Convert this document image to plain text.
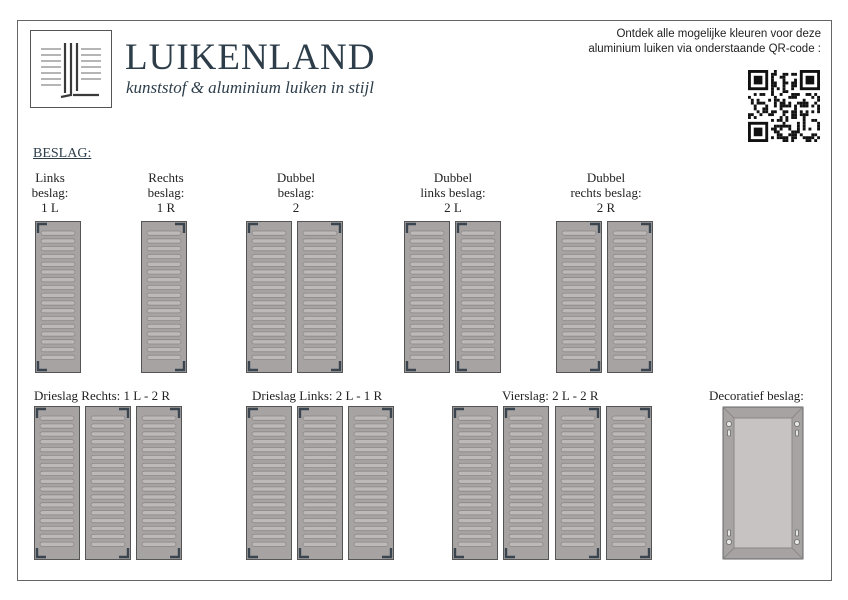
LUIKENLAND
kunststof & aluminium luiken in stijl
Ontdek alle mogelijke kleuren voor deze
aluminium luiken via onderstaande QR-code :
BESLAG:
Links
beslag:
1 L
Rechts
beslag:
1 R
Dubbel
beslag:
2
Dubbel
links beslag:
2 L
Dubbel
rechts beslag:
2 R
Drieslag Rechts: 1 L - 2 R	Drieslag Links: 2 L - 1 R	Vierslag: 2 L - 2 R	Decoratief beslag:
